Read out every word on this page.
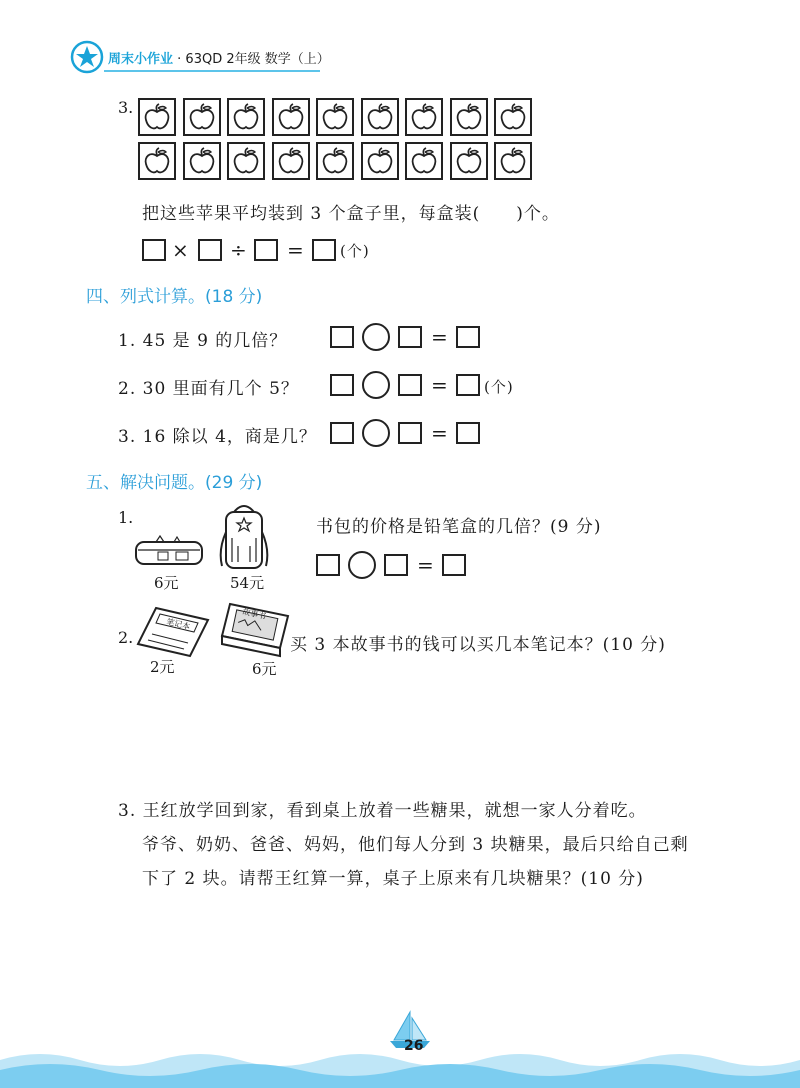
周末小作业 · 63QD 2年级 数学（上）
3.
把这些苹果平均装到 3 个盒子里，每盒装(　　)个。
× ÷ = (个)
四、列式计算。(18 分)
1. 45 是 9 的几倍？
2. 30 里面有几个 5？
3. 16 除以 4，商是几？
=
= (个)
=
五、解决问题。(29 分)
1.
6元	54元
书包的价格是铅笔盒的几倍？(9 分)
=
2.
笔记本
2元
故事书
6元
买 3 本故事书的钱可以买几本笔记本？(10 分)
3. 王红放学回到家，看到桌上放着一些糖果，就想一家人分着吃。
爷爷、奶奶、爸爸、妈妈，他们每人分到 3 块糖果，最后只给自己剩
下了 2 块。请帮王红算一算，桌子上原来有几块糖果？(10 分)
26
